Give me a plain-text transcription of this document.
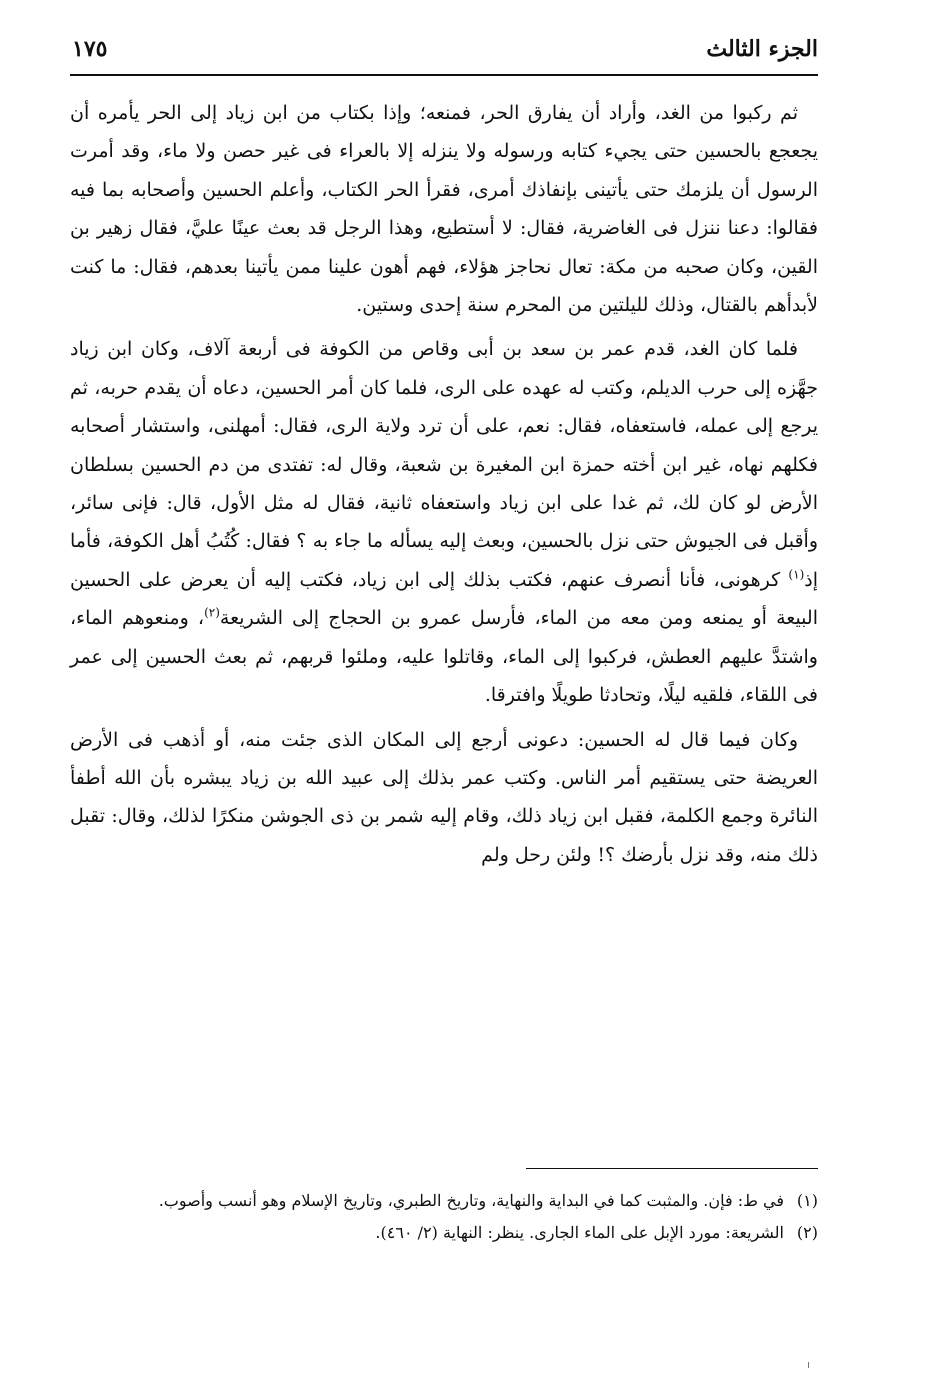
الجزء الثالث
١٧٥

ثم ركبوا من الغد، وأراد أن يفارق الحر، فمنعه؛ وإذا بكتاب من ابن زياد إلى الحر يأمره أن يجعجع بالحسين حتى يجيء كتابه ورسوله ولا ينزله إلا بالعراء فى غير حصن ولا ماء، وقد أمرت الرسول أن يلزمك حتى يأتينى بإنفاذك أمرى، فقرأ الحر الكتاب، وأعلم الحسين وأصحابه بما فيه فقالوا: دعنا ننزل فى الغاضرية، فقال: لا أستطيع، وهذا الرجل قد بعث عينًا عليَّ، فقال زهير بن القين، وكان صحبه من مكة: تعال نحاجز هؤلاء، فهم أهون علينا ممن يأتينا بعدهم، فقال: ما كنت لأبدأهم بالقتال، وذلك لليلتين من المحرم سنة إحدى وستين.

فلما كان الغد، قدم عمر بن سعد بن أبى وقاص من الكوفة فى أربعة آلاف، وكان ابن زياد جهَّزه إلى حرب الديلم، وكتب له عهده على الرى، فلما كان أمر الحسين، دعاه أن يقدم حربه، ثم يرجع إلى عمله، فاستعفاه، فقال: نعم، على أن ترد ولاية الرى، فقال: أمهلنى، واستشار أصحابه فكلهم نهاه، غير ابن أخته حمزة ابن المغيرة بن شعبة، وقال له: تفتدى من دم الحسين بسلطان الأرض لو كان لك، ثم غدا على ابن زياد واستعفاه ثانية، فقال له مثل الأول، قال: فإنى سائر، وأقبل فى الجيوش حتى نزل بالحسين، وبعث إليه يسأله ما جاء به ؟ فقال: كُتُبُ أهل الكوفة، فأما إذ$^{(١)}$ كرهونى، فأنا أنصرف عنهم، فكتب بذلك إلى ابن زياد، فكتب إليه أن يعرض على الحسين البيعة أو يمنعه ومن معه من الماء، فأرسل عمرو بن الحجاج إلى الشريعة$^{(٢)}$، ومنعوهم الماء، واشتدَّ عليهم العطش، فركبوا إلى الماء، وقاتلوا عليه، وملئوا قربهم، ثم بعث الحسين إلى عمر فى اللقاء، فلقيه ليلًا، وتحادثا طويلًا وافترقا.

وكان فيما قال له الحسين: دعونى أرجع إلى المكان الذى جئت منه، أو أذهب فى الأرض العريضة حتى يستقيم أمر الناس. وكتب عمر بذلك إلى عبيد الله بن زياد يبشره بأن الله أطفأ النائرة وجمع الكلمة، فقبل ابن زياد ذلك، وقام إليه شمر بن ذى الجوشن منكرًا لذلك، وقال: تقبل ذلك منه، وقد نزل بأرضك ؟! ولئن رحل ولم

(١)
في ط: فإن. والمثبت كما في البداية والنهاية، وتاريخ الطبري، وتاريخ الإسلام وهو أنسب وأصوب.
(٢)
الشريعة: مورد الإبل على الماء الجارى. ينظر: النهاية (٢/ ٤٦٠).
